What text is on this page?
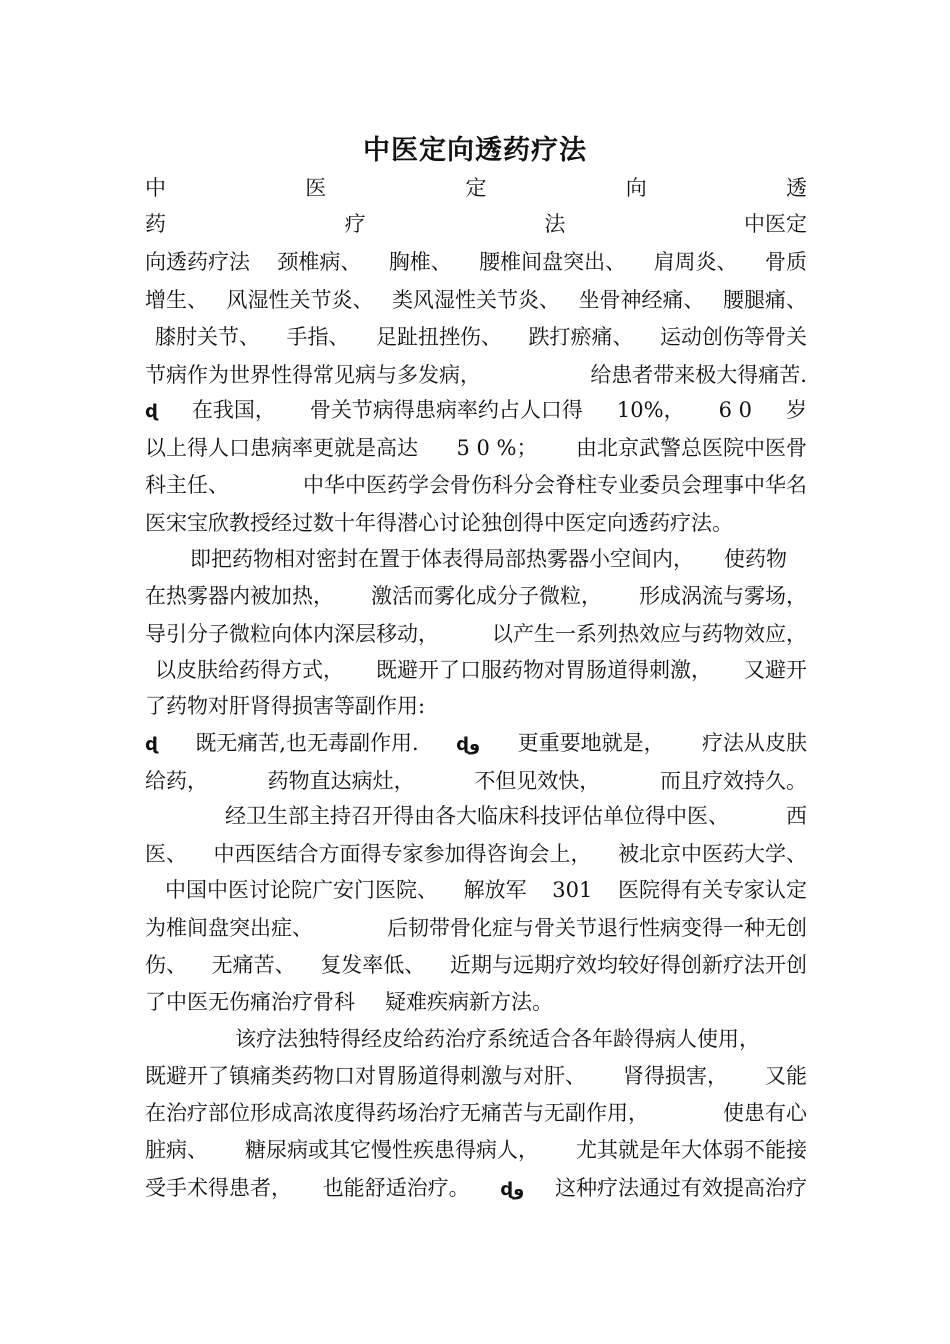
中医定向透药疗法
中	医	定	向	透
药	疗	法	中医定
向透药疗法 颈椎病、 胸椎、 腰椎间盘突出、 肩周炎、 骨质
增生、 风湿性关节炎、 类风湿性关节炎、 坐骨神经痛、 腰腿痛、
膝肘关节、 手指、 足趾扭挫伤、 跌打瘀痛、 运动创伤等骨关
节病作为世界性得常见病与多发病，	给患者带来极大得痛苦.
ɖ 在我国， 骨关节病得患病率约占人口得 10%， 6 0 岁
以上得人口患病率更就是高达 5 0 %； 由北京武警总医院中医骨
科主任、	中华中医药学会骨伤科分会脊柱专业委员会理事中华名
医宋宝欣教授经过数十年得潜心讨论独创得中医定向透药疗法。
即把药物相对密封在置于体表得局部热雾器小空间内， 使药物
在热雾器内被加热， 激活而雾化成分子微粒， 形成涡流与雾场，
导引分子微粒向体内深层移动，	以产生一系列热效应与药物效应，
以皮肤给药得方式， 既避开了口服药物对胃肠道得刺激， 又避开
了药物对肝肾得损害等副作用:
ɖ 既无痛苦,也无毒副作用. ɖو 更重要地就是， 疗法从皮肤
给药，	药物直达病灶，	不但见效快，	而且疗效持久。
经卫生部主持召开得由各大临床科技评估单位得中医、	西
医、 中西医结合方面得专家参加得咨询会上， 被北京中医药大学、
中国中医讨论院广安门医院、 解放军 301 医院得有关专家认定
为椎间盘突出症、	后韧带骨化症与骨关节退行性病变得一种无创
伤、 无痛苦、 复发率低、 近期与远期疗效均较好得创新疗法开创
了中医无伤痛治疗骨科 疑难疾病新方法。
该疗法独特得经皮给药治疗系统适合各年龄得病人使用，
既避开了镇痛类药物口对胃肠道得刺激与对肝、 肾得损害， 又能
在治疗部位形成高浓度得药场治疗无痛苦与无副作用，	使患有心
脏病、 糖尿病或其它慢性疾患得病人， 尤其就是年大体弱不能接
受手术得患者， 也能舒适治疗。 ɖو 这种疗法通过有效提高治疗
